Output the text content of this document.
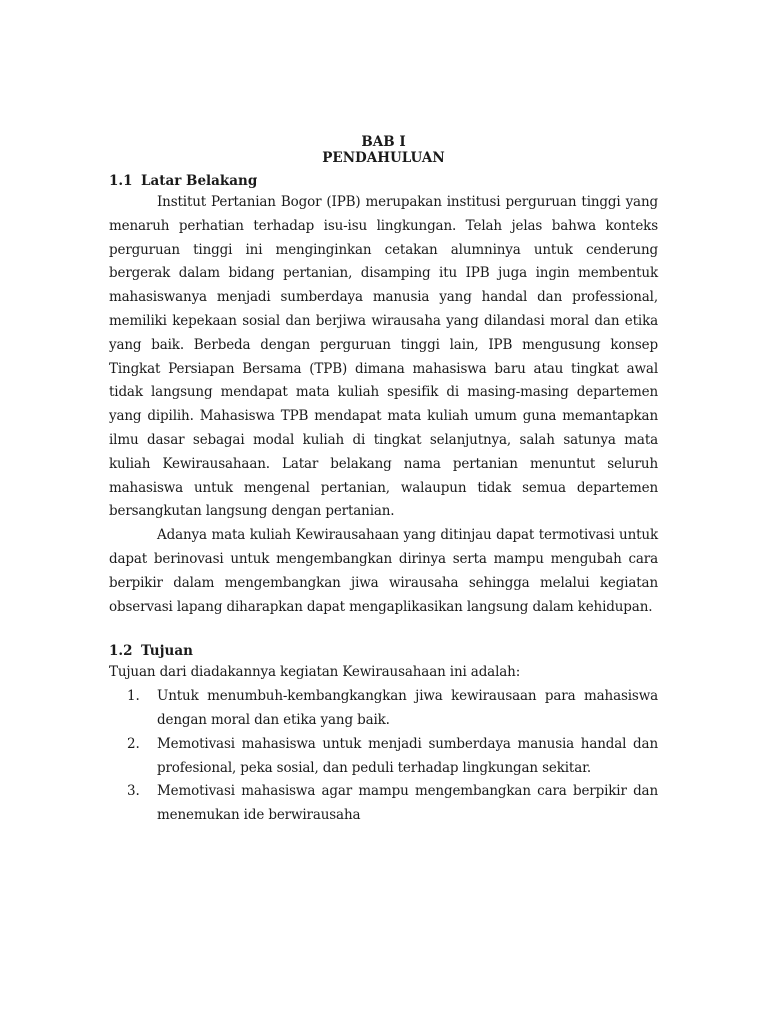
BAB I

PENDAHULUAN

1.1 Latar Belakang

Institut Pertanian Bogor (IPB) merupakan institusi perguruan tinggi yang menaruh perhatian terhadap isu-isu lingkungan. Telah jelas bahwa konteks perguruan tinggi ini menginginkan cetakan alumninya untuk cenderung bergerak dalam bidang pertanian, disamping itu IPB juga ingin membentuk mahasiswanya menjadi sumberdaya manusia yang handal dan professional, memiliki kepekaan sosial dan berjiwa wirausaha yang dilandasi moral dan etika yang baik. Berbeda dengan perguruan tinggi lain, IPB mengusung konsep Tingkat Persiapan Bersama (TPB) dimana mahasiswa baru atau tingkat awal tidak langsung mendapat mata kuliah spesifik di masing-masing departemen yang dipilih. Mahasiswa TPB mendapat mata kuliah umum guna memantapkan ilmu dasar sebagai modal kuliah di tingkat selanjutnya, salah satunya mata kuliah Kewirausahaan. Latar belakang nama pertanian menuntut seluruh mahasiswa untuk mengenal pertanian, walaupun tidak semua departemen bersangkutan langsung dengan pertanian.

Adanya mata kuliah Kewirausahaan yang ditinjau dapat termotivasi untuk dapat berinovasi untuk mengembangkan dirinya serta mampu mengubah cara berpikir dalam mengembangkan jiwa wirausaha sehingga melalui kegiatan observasi lapang diharapkan dapat mengaplikasikan langsung dalam kehidupan.

1.2 Tujuan

Tujuan dari diadakannya kegiatan Kewirausahaan ini adalah:

1.	Untuk menumbuh-kembangkangkan jiwa kewirausaan para mahasiswa dengan moral dan etika yang baik.
2.	Memotivasi mahasiswa untuk menjadi sumberdaya manusia handal dan profesional, peka sosial, dan peduli terhadap lingkungan sekitar.
3.	Memotivasi mahasiswa agar mampu mengembangkan cara berpikir dan menemukan ide berwirausaha
